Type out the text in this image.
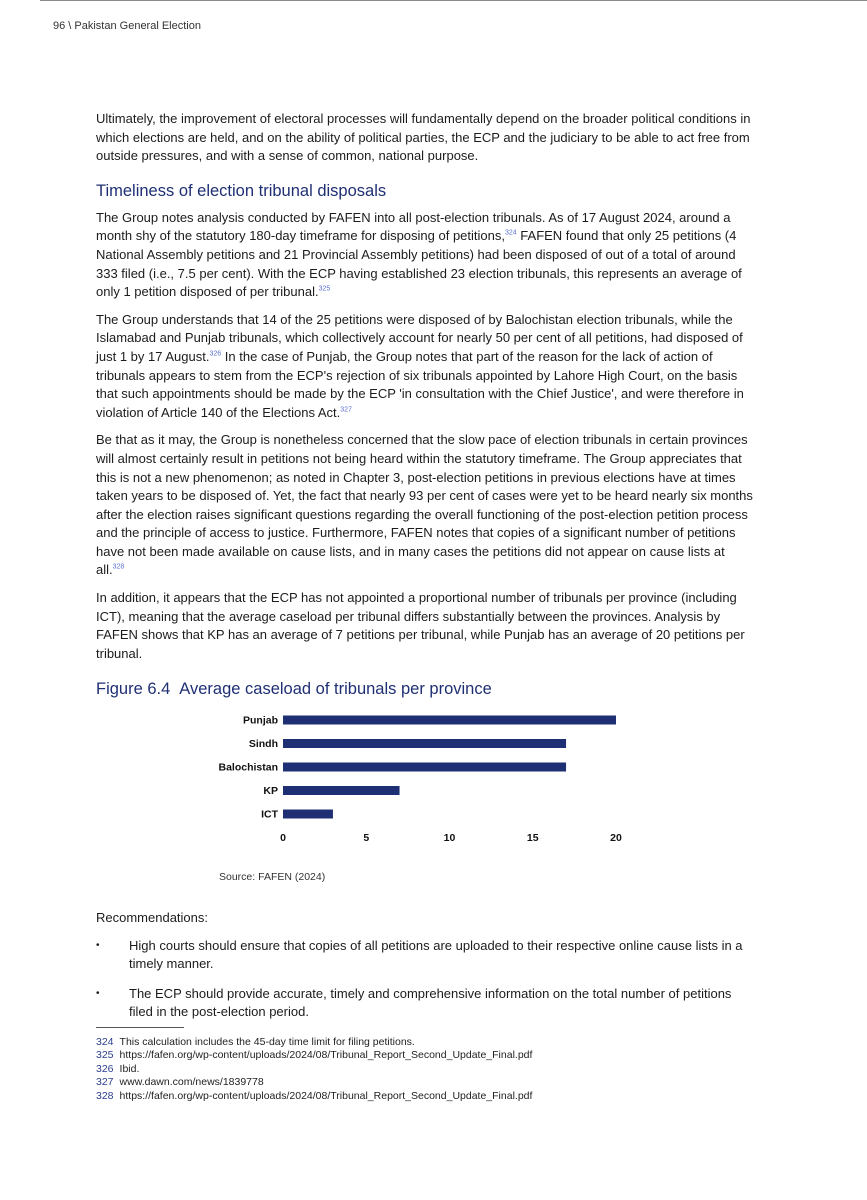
96 \ Pakistan General Election

Ultimately, the improvement of electoral processes will fundamentally depend on the broader political conditions in which elections are held, and on the ability of political parties, the ECP and the judiciary to be able to act free from outside pressures, and with a sense of common, national purpose.

Timeliness of election tribunal disposals

The Group notes analysis conducted by FAFEN into all post-election tribunals. As of 17 August 2024, around a month shy of the statutory 180-day timeframe for disposing of petitions,$^{324}$ FAFEN found that only 25 petitions (4 National Assembly petitions and 21 Provincial Assembly petitions) had been disposed of out of a total of around 333 filed (i.e., 7.5 per cent). With the ECP having established 23 election tribunals, this represents an average of only 1 petition disposed of per tribunal.$^{325}$

The Group understands that 14 of the 25 petitions were disposed of by Balochistan election tribunals, while the Islamabad and Punjab tribunals, which collectively account for nearly 50 per cent of all petitions, had disposed of just 1 by 17 August.$^{326}$ In the case of Punjab, the Group notes that part of the reason for the lack of action of tribunals appears to stem from the ECP's rejection of six tribunals appointed by Lahore High Court, on the basis that such appointments should be made by the ECP 'in consultation with the Chief Justice', and were therefore in violation of Article 140 of the Elections Act.$^{327}$

Be that as it may, the Group is nonetheless concerned that the slow pace of election tribunals in certain provinces will almost certainly result in petitions not being heard within the statutory timeframe. The Group appreciates that this is not a new phenomenon; as noted in Chapter 3, post-election petitions in previous elections have at times taken years to be disposed of. Yet, the fact that nearly 93 per cent of cases were yet to be heard nearly six months after the election raises significant questions regarding the overall functioning of the post-election petition process and the principle of access to justice. Furthermore, FAFEN notes that copies of a significant number of petitions have not been made available on cause lists, and in many cases the petitions did not appear on cause lists at all.$^{328}$

In addition, it appears that the ECP has not appointed a proportional number of tribunals per province (including ICT), meaning that the average caseload per tribunal differs substantially between the provinces. Analysis by FAFEN shows that KP has an average of 7 petitions per tribunal, while Punjab has an average of 20 petitions per tribunal.

Figure 6.4 Average caseload of tribunals per province
Punjab
Sindh
Balochistan
KP
ICT
0	5	10	15	20
Source: FAFEN (2024)
Recommendations:
• High courts should ensure that copies of all petitions are uploaded to their respective online cause lists in a timely manner.
• The ECP should provide accurate, timely and comprehensive information on the total number of petitions filed in the post-election period.
324 This calculation includes the 45-day time limit for filing petitions.
325 https://fafen.org/wp-content/uploads/2024/08/Tribunal_Report_Second_Update_Final.pdf
326 Ibid.
327 www.dawn.com/news/1839778
328 https://fafen.org/wp-content/uploads/2024/08/Tribunal_Report_Second_Update_Final.pdf
